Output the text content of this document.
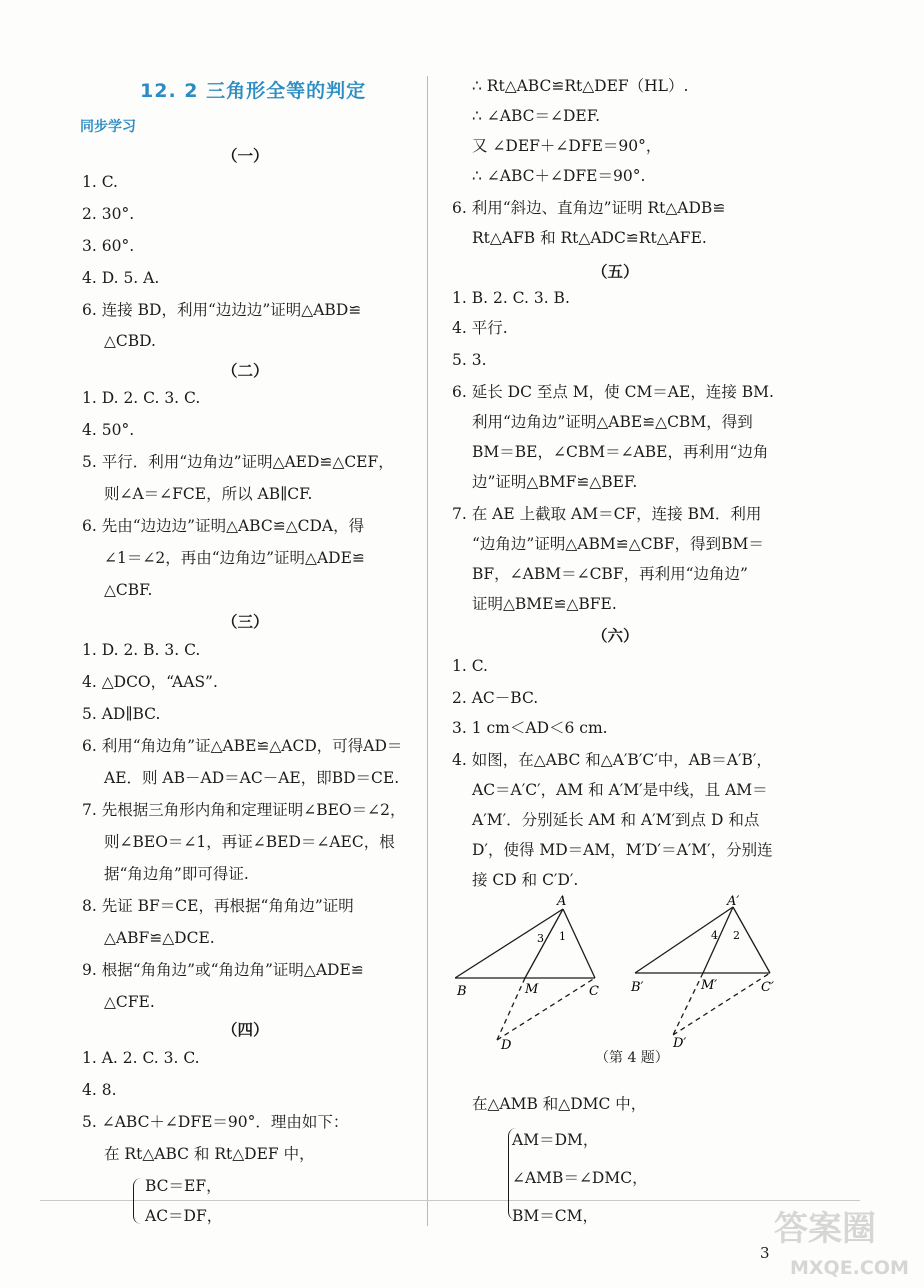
12. 2 三角形全等的判定
同步学习
（一）
1. C.
2. 30°.
3. 60°.
4. D. 5. A.
6. 连接 BD，利用“边边边”证明△ABD≌
△CBD.
（二）
1. D. 2. C. 3. C.
4. 50°.
5. 平行．利用“边角边”证明△AED≌△CEF，
则∠A＝∠FCE，所以 AB∥CF.
6. 先由“边边边”证明△ABC≌△CDA，得
∠1＝∠2，再由“边角边”证明△ADE≌
△CBF.
（三）
1. D. 2. B. 3. C.
4. △DCO，“AAS”.
5. AD∥BC.
6. 利用“角边角”证△ABE≌△ACD，可得AD＝
AE．则 AB－AD＝AC－AE，即BD＝CE.
7. 先根据三角形内角和定理证明∠BEO＝∠2，
则∠BEO＝∠1，再证∠BED＝∠AEC，根
据“角边角”即可得证.
8. 先证 BF＝CE，再根据“角角边”证明
△ABF≌△DCE.
9. 根据“角角边”或“角边角”证明△ADE≌
△CFE.
（四）
1. A. 2. C. 3. C.
4. 8.
5. ∠ABC＋∠DFE＝90°．理由如下：
在 Rt△ABC 和 Rt△DEF 中，
BC＝EF，
AC＝DF，
∴ Rt△ABC≌Rt△DEF（HL）.
∴ ∠ABC＝∠DEF.
又 ∠DEF＋∠DFE＝90°，
∴ ∠ABC＋∠DFE＝90°.
6. 利用“斜边、直角边”证明 Rt△ADB≌
Rt△AFB 和 Rt△ADC≌Rt△AFE.
（五）
1. B. 2. C. 3. B.
4. 平行.
5. 3.
6. 延长 DC 至点 M，使 CM＝AE，连接 BM.
利用“边角边”证明△ABE≌△CBM，得到
BM＝BE，∠CBM＝∠ABE，再利用“边角
边”证明△BMF≌△BEF.
7. 在 AE 上截取 AM＝CF，连接 BM．利用
“边角边”证明△ABM≌△CBF，得到BM＝
BF，∠ABM＝∠CBF，再利用“边角边”
证明△BME≌△BFE.
（六）
1. C.
2. AC－BC.
3. 1 cm＜AD＜6 cm.
4. 如图，在△ABC 和△A′B′C′中，AB＝A′B′，
AC＝A′C′，AM 和 A′M′是中线，且 AM＝
A′M′．分别延长 AM 和 A′M′到点 D 和点
D′，使得 MD＝AM，M′D′＝A′M′，分别连
接 CD 和 C′D′.
在△AMB 和△DMC 中，
AM＝DM，
∠AMB＝∠DMC，
BM＝CM，
A
B	C
M
D
1
3
A′
B′	C′
M′
D′
2
4
（第 4 题）
3
答案圈
MXQE.COM
